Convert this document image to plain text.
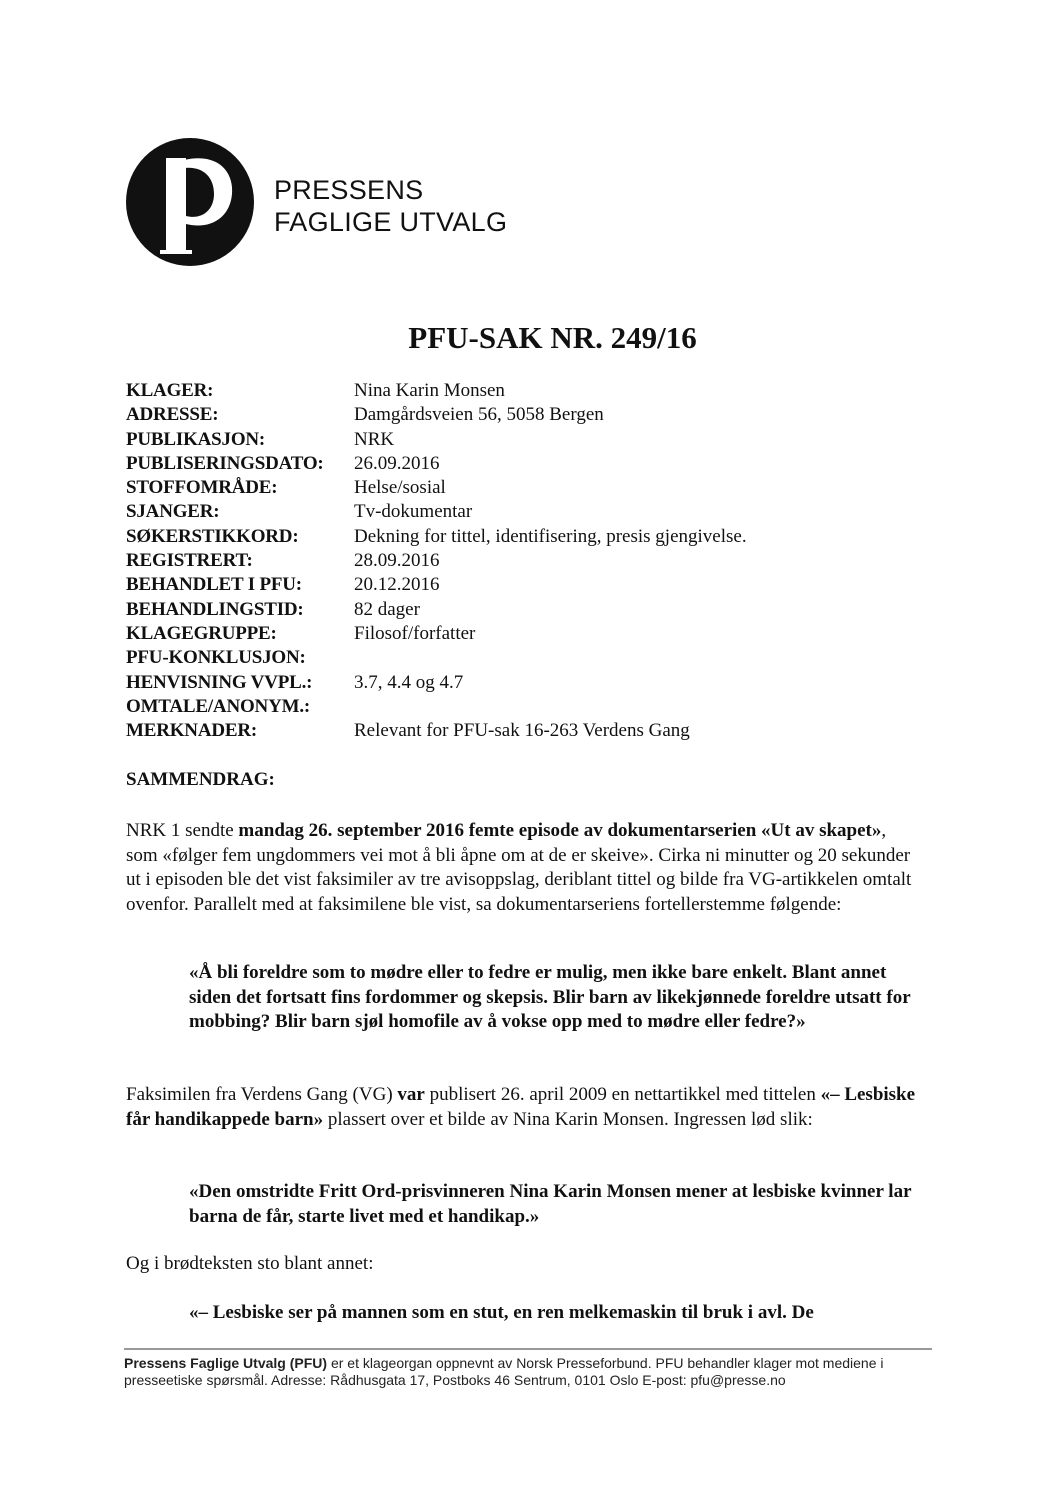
PRESSENS
FAGLIGE UTVALG
PFU-SAK NR. 249/16
KLAGER:	Nina Karin Monsen
ADRESSE:	Damgårdsveien 56, 5058 Bergen
PUBLIKASJON:	NRK
PUBLISERINGSDATO:	26.09.2016
STOFFOMRÅDE:	Helse/sosial
SJANGER:	Tv-dokumentar
SØKERSTIKKORD:	Dekning for tittel, identifisering, presis gjengivelse.
REGISTRERT:	28.09.2016
BEHANDLET I PFU:	20.12.2016
BEHANDLINGSTID:	82 dager
KLAGEGRUPPE:	Filosof/forfatter
PFU-KONKLUSJON:
HENVISNING VVPL.:	3.7, 4.4 og 4.7
OMTALE/ANONYM.:
MERKNADER:	Relevant for PFU-sak 16-263 Verdens Gang
SAMMENDRAG:
NRK 1 sendte mandag 26. september 2016 femte episode av dokumentarserien «Ut av skapet», som «følger fem ungdommers vei mot å bli åpne om at de er skeive». Cirka ni minutter og 20 sekunder ut i episoden ble det vist faksimiler av tre avisoppslag, deriblant tittel og bilde fra VG-artikkelen omtalt ovenfor. Parallelt med at faksimilene ble vist, sa dokumentarseriens fortellerstemme følgende:
«Å bli foreldre som to mødre eller to fedre er mulig, men ikke bare enkelt. Blant annet siden det fortsatt fins fordommer og skepsis. Blir barn av likekjønnede foreldre utsatt for mobbing? Blir barn sjøl homofile av å vokse opp med to mødre eller fedre?»
Faksimilen fra Verdens Gang (VG) var publisert 26. april 2009 en nettartikkel med tittelen «– Lesbiske får handikappede barn» plassert over et bilde av Nina Karin Monsen. Ingressen lød slik:
«Den omstridte Fritt Ord-prisvinneren Nina Karin Monsen mener at lesbiske kvinner lar barna de får, starte livet med et handikap.»
Og i brødteksten sto blant annet:
«– Lesbiske ser på mannen som en stut, en ren melkemaskin til bruk i avl. De
Pressens Faglige Utvalg (PFU) er et klageorgan oppnevnt av Norsk Presseforbund. PFU behandler klager mot mediene i presseetiske spørsmål. Adresse: Rådhusgata 17, Postboks 46 Sentrum, 0101 Oslo E-post: pfu@presse.no
